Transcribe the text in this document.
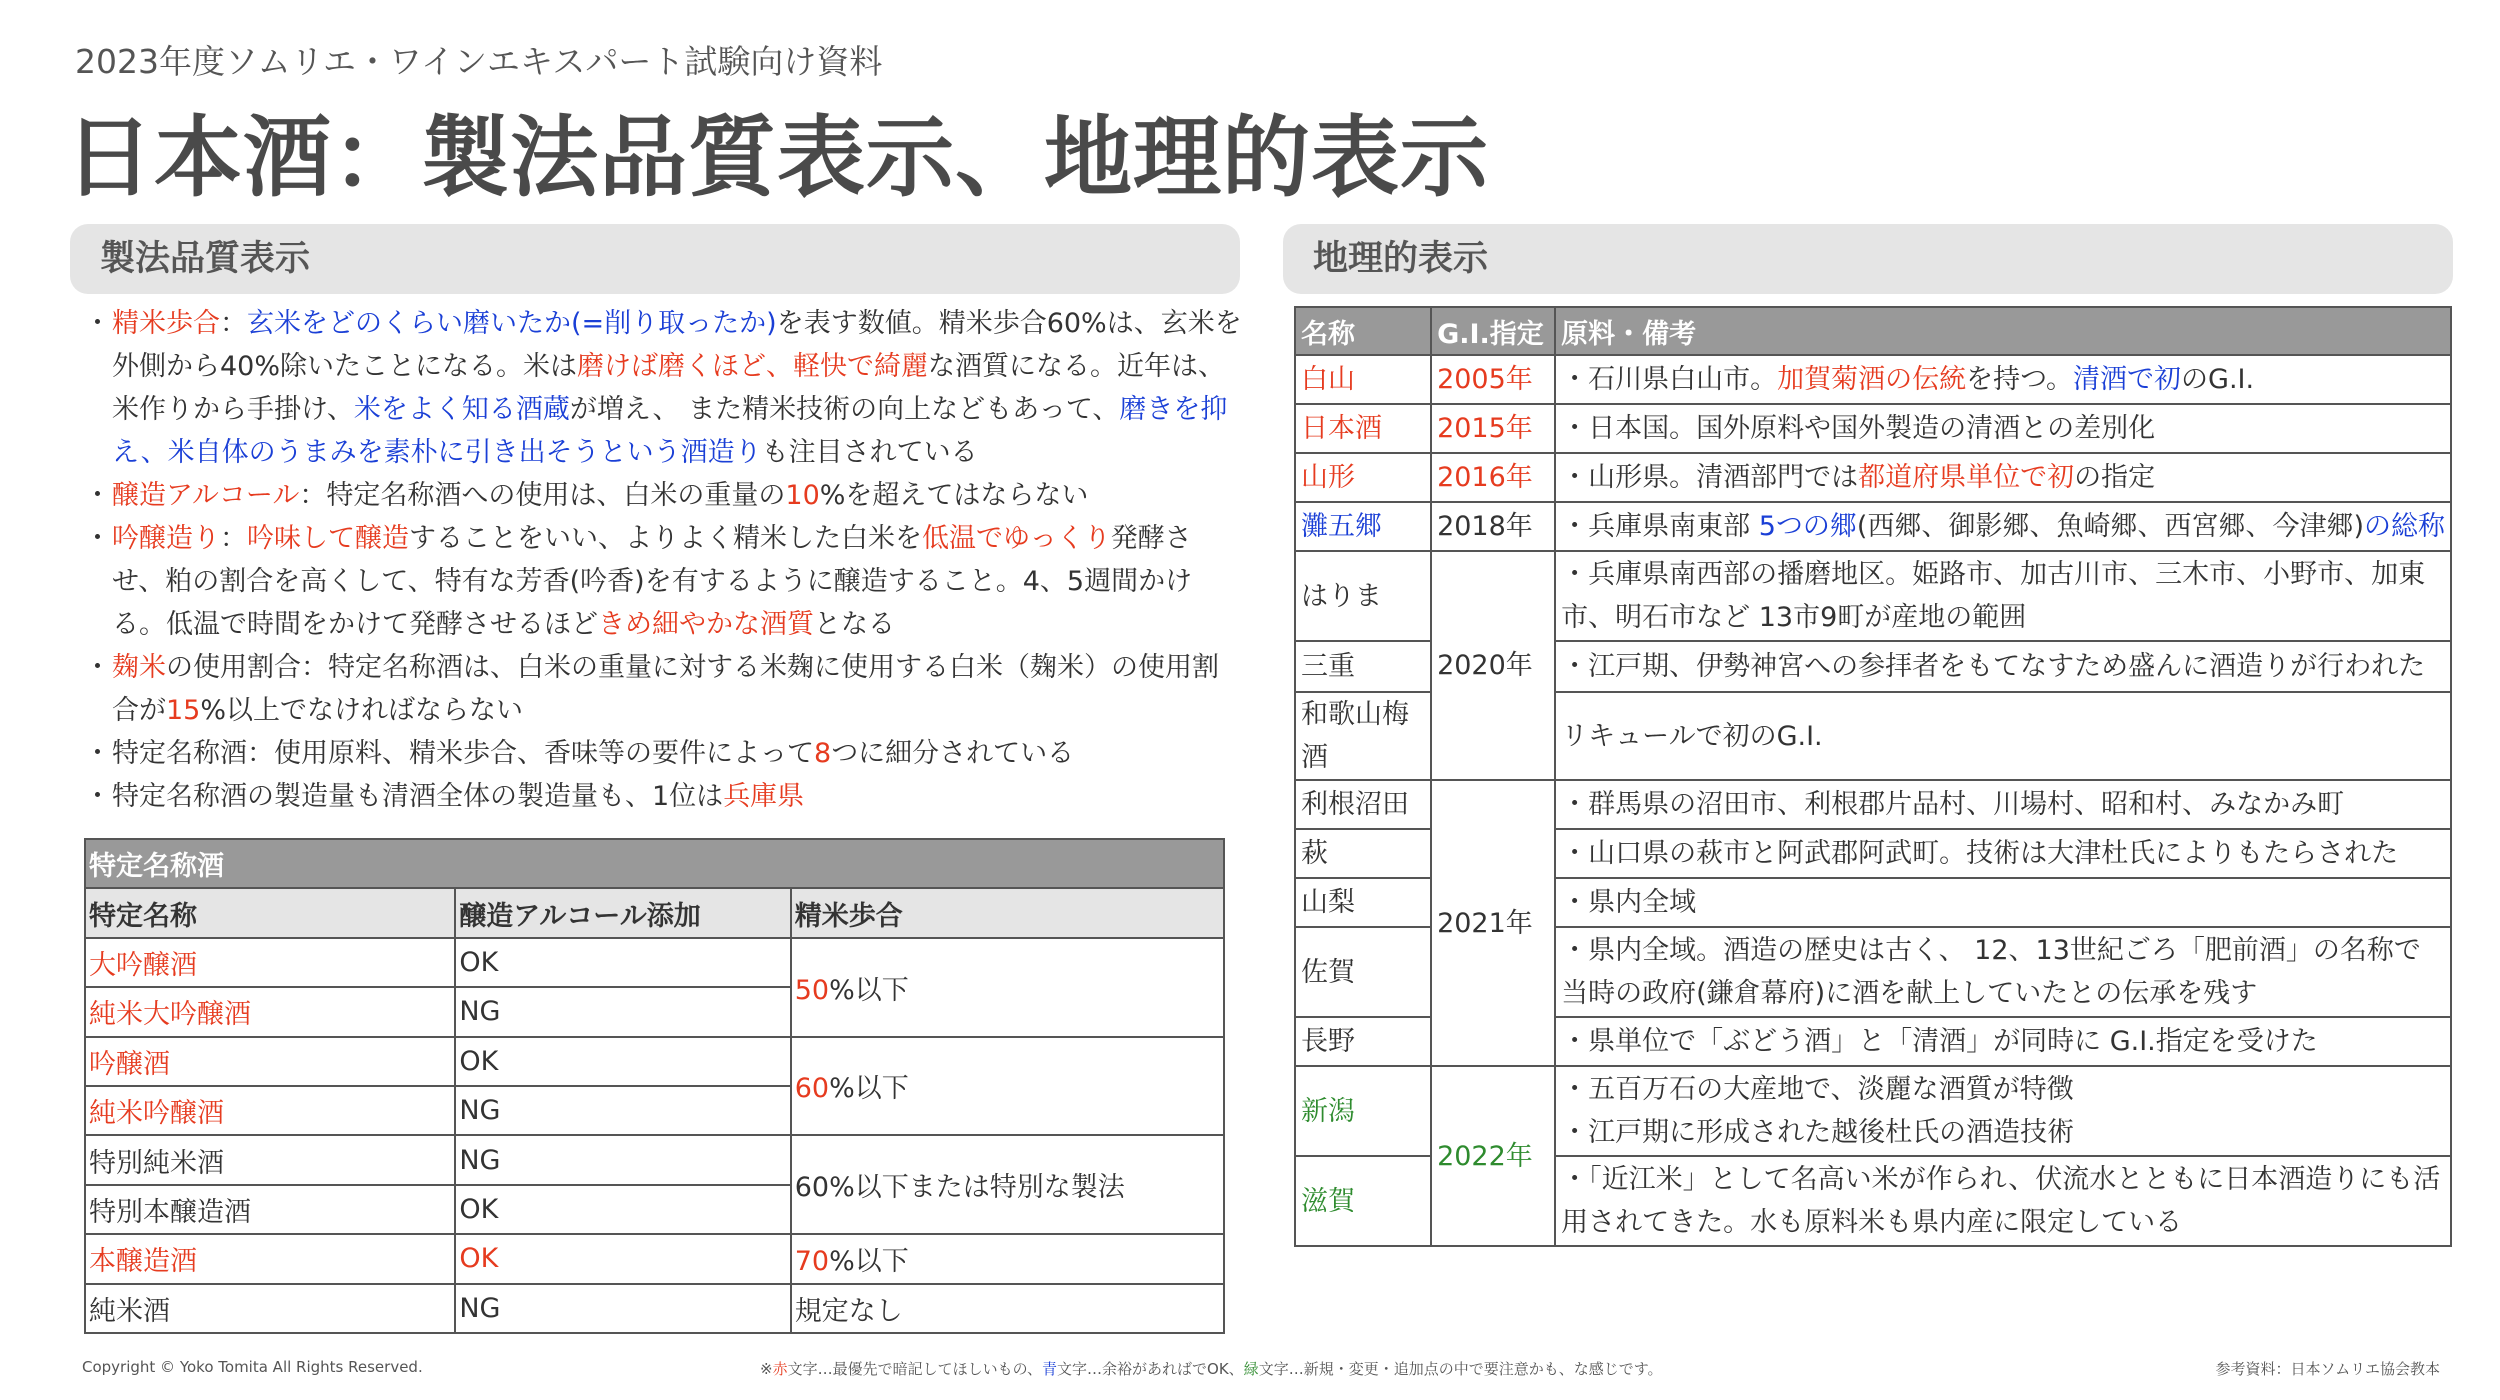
2023年度ソムリエ・ワインエキスパート試験向け資料
日本酒：製法品質表示、地理的表示
製法品質表示	地理的表示
・ 精米歩合：玄米をどのくらい磨いたか(=削り取ったか)を表す数値。精米歩合60%は、玄米を外側から40%除いたことになる。米は磨けば磨くほど、軽快で綺麗な酒質になる。近年は、米作りから手掛け、米をよく知る酒蔵が増え、 また精米技術の向上などもあって、磨きを抑え、米自体のうまみを素朴に引き出そうという酒造りも注目されている
・ 醸造アルコール：特定名称酒への使用は、白米の重量の10%を超えてはならない
・ 吟醸造り：吟味して醸造することをいい、よりよく精米した白米を低温でゆっくり発酵させ、粕の割合を高くして、特有な芳香(吟香)を有するように醸造すること。4、5週間かける。低温で時間をかけて発酵させるほどきめ細やかな酒質となる
・ 麹米の使用割合：特定名称酒は、白米の重量に対する米麹に使用する白米（麹米）の使用割合が15%以上でなければならない
・ 特定名称酒：使用原料、精米歩合、香味等の要件によって8つに細分されている
・ 特定名称酒の製造量も清酒全体の製造量も、1位は兵庫県
特定名称酒		
特定名称	醸造アルコール添加	精米歩合
大吟醸酒	OK	50%以下
純米大吟醸酒	NG	
吟醸酒	OK	60%以下
純米吟醸酒	NG	
特別純米酒	NG	60%以下または特別な製法
特別本醸造酒	OK	
本醸造酒	OK	70%以下
純米酒	NG	規定なし
名称	G.I.指定	原料・備考
白山	2005年	・石川県白山市。加賀菊酒の伝統を持つ。清酒で初のG.I.
日本酒	2015年	・日本国。国外原料や国外製造の清酒との差別化
山形	2016年	・山形県。清酒部門では都道府県単位で初の指定
灘五郷	2018年	・兵庫県南東部 5つの郷(西郷、御影郷、魚崎郷、西宮郷、今津郷)の総称
はりま	2020年	・兵庫県南西部の播磨地区。姫路市、加古川市、三木市、小野市、加東市、明石市など 13市9町が産地の範囲
三重		・江戸期、伊勢神宮への参拝者をもてなすため盛んに酒造りが行われた
和歌山梅酒		リキュールで初のG.I.
利根沼田	2021年	・群馬県の沼田市、利根郡片品村、川場村、昭和村、みなかみ町
萩		・山口県の萩市と阿武郡阿武町。技術は大津杜氏によりもたらされた
山梨		・県内全域
佐賀		・県内全域。酒造の歴史は古く、 12、13世紀ごろ「肥前酒」の名称で当時の政府(鎌倉幕府)に酒を献上していたとの伝承を残す
長野		・県単位で「ぶどう酒」と「清酒」が同時に G.I.指定を受けた
新潟	2022年	・五百万石の大産地で、淡麗な酒質が特徴
・江戸期に形成された越後杜氏の酒造技術

滋賀		・「近江米」として名高い米が作られ、伏流水とともに日本酒造りにも活用されてきた。水も原料米も県内産に限定している
Copyright © Yoko Tomita All Rights Reserved.	※赤文字…最優先で暗記してほしいもの、青文字…余裕があればでOK、緑文字…新規・変更・追加点の中で要注意かも、な感じです。	参考資料：日本ソムリエ協会教本
